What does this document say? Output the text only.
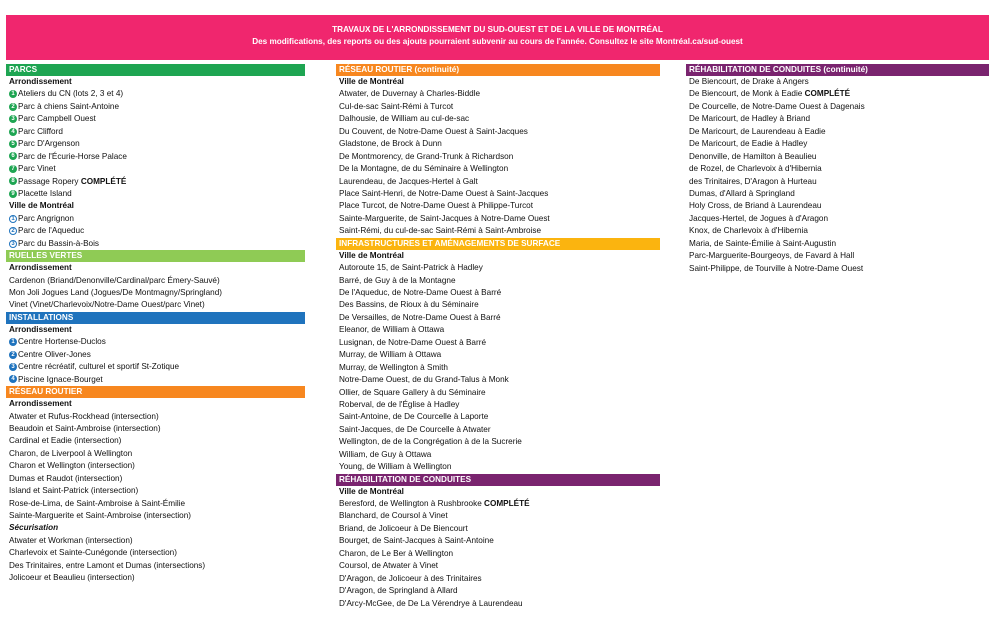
TRAVAUX DE L'ARRONDISSEMENT DU SUD-OUEST ET DE LA VILLE DE MONTRÉAL
Des modifications, des reports ou des ajouts pourraient subvenir au cours de l'année. Consultez le site Montréal.ca/sud-ouest
PARCS
Arrondissement
1 Ateliers du CN (lots 2, 3 et 4)
2 Parc à chiens Saint-Antoine
3 Parc Campbell Ouest
4 Parc Clifford
5 Parc D'Argenson
6 Parc de l'Écurie-Horse Palace
7 Parc Vinet
8 Passage Ropery COMPLÉTÉ
9 Placette Island
Ville de Montréal
1 Parc Angrignon
2 Parc de l'Aqueduc
3 Parc du Bassin-à-Bois
RUELLES VERTES
Arrondissement
Cardenon (Briand/Denonville/Cardinal/parc Émery-Sauvé)
Mon Joli Jogues Land (Jogues/De Montmagny/Springland)
Vinet (Vinet/Charlevoix/Notre-Dame Ouest/parc Vinet)
INSTALLATIONS
Arrondissement
1 Centre Hortense-Duclos
2 Centre Oliver-Jones
3 Centre récréatif, culturel et sportif St-Zotique
4 Piscine Ignace-Bourget
RÉSEAU ROUTIER
Arrondissement
Atwater et Rufus-Rockhead (intersection)
Beaudoin et Saint-Ambroise (intersection)
Cardinal et Eadie (intersection)
Charon, de Liverpool à Wellington
Charon et Wellington (intersection)
Dumas et Raudot (intersection)
Island et Saint-Patrick (intersection)
Rose-de-Lima, de Saint-Ambroise à Saint-Émilie
Sainte-Marguerite et Saint-Ambroise (intersection)
Sécurisation
Atwater et Workman (intersection)
Charlevoix et Sainte-Cunégonde (intersection)
Des Trinitaires, entre Lamont et Dumas (intersections)
Jolicoeur et Beaulieu (intersection)
RÉSEAU ROUTIER (continuité)
Ville de Montréal
Atwater, de Duvernay à Charles-Biddle
Cul-de-sac Saint-Rémi à Turcot
Dalhousie, de William au cul-de-sac
Du Couvent, de Notre-Dame Ouest à Saint-Jacques
Gladstone, de Brock à Dunn
De Montmorency, de Grand-Trunk à Richardson
De la Montagne, de du Séminaire à Wellington
Laurendeau, de Jacques-Hertel à Galt
Place Saint-Henri, de Notre-Dame Ouest à Saint-Jacques
Place Turcot, de Notre-Dame Ouest à Philippe-Turcot
Sainte-Marguerite, de Saint-Jacques à Notre-Dame Ouest
Saint-Rémi, du cul-de-sac Saint-Rémi à Saint-Ambroise
INFRASTRUCTURES ET AMÉNAGEMENTS DE SURFACE
Ville de Montréal
Autoroute 15, de Saint-Patrick à Hadley
Barré, de Guy à de la Montagne
De l'Aqueduc, de Notre-Dame Ouest à Barré
Des Bassins, de Rioux à du Séminaire
De Versailles, de Notre-Dame Ouest à Barré
Eleanor, de William à Ottawa
Lusignan, de Notre-Dame Ouest à Barré
Murray, de William à Ottawa
Murray, de Wellington à Smith
Notre-Dame Ouest, de du Grand-Talus à Monk
Ollier, de Square Gallery à du Séminaire
Roberval, de de l'Église à Hadley
Saint-Antoine, de De Courcelle à Laporte
Saint-Jacques, de De Courcelle à Atwater
Wellington, de de la Congrégation à de la Sucrerie
William, de Guy à Ottawa
Young, de William à Wellington
RÉHABILITATION DE CONDUITES
Ville de Montréal
Beresford, de Wellington à Rushbrooke COMPLÉTÉ
Blanchard, de Coursol à Vinet
Briand, de Jolicoeur à De Biencourt
Bourget, de Saint-Jacques à Saint-Antoine
Charon, de Le Ber à Wellington
Coursol, de Atwater à Vinet
D'Aragon, de Jolicoeur à des Trinitaires
D'Aragon, de Springland à Allard
D'Arcy-McGee, de De La Vérendrye à Laurendeau
RÉHABILITATION DE CONDUITES (continuité)
De Biencourt, de Drake à Angers
De Biencourt, de Monk à Eadie COMPLÉTÉ
De Courcelle, de Notre-Dame Ouest à Dagenais
De Maricourt, de Hadley à Briand
De Maricourt, de Laurendeau à Eadie
De Maricourt, de Eadie à Hadley
Denonville, de Hamilton à Beaulieu
de Rozel, de Charlevoix à d'Hibernia
des Trinitaires, D'Aragon à Hurteau
Dumas, d'Allard à Springland
Holy Cross, de Briand à Laurendeau
Jacques-Hertel, de Jogues à d'Aragon
Knox, de Charlevoix à d'Hibernia
Maria, de Sainte-Émilie à Saint-Augustin
Parc-Marguerite-Bourgeoys, de Favard à Hall
Saint-Philippe, de Tourville à Notre-Dame Ouest
